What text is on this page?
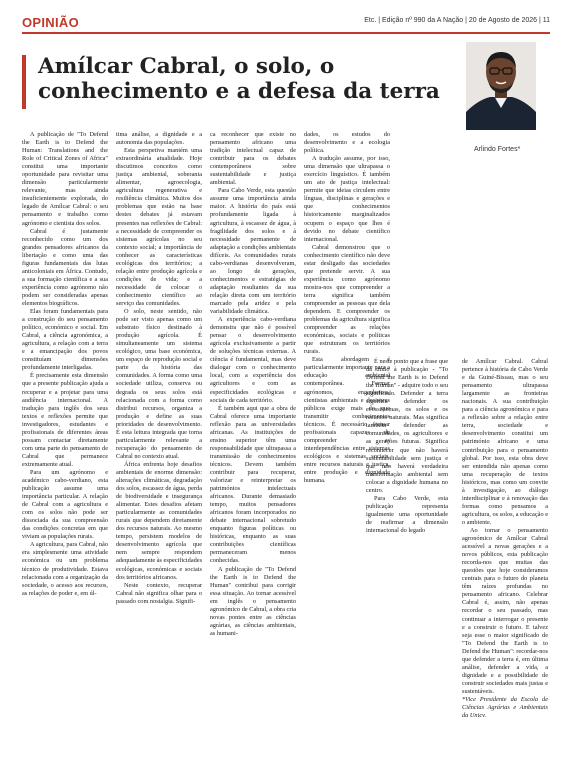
OPINIÃO	Etc. | Edição nº 990 da A Nação | 20 de Agosto de 2026 | 11
Amílcar Cabral, o solo, o conhecimento e a defesa da terra
Arlindo Fortes*

A publicação de "To Defend the Earth is to Defend the Human: Translations and the Role of Critical Zones of Africa" constitui uma importante oportunidade para revisitar uma dimensão particularmente relevante, mas ainda insuficientemente explorada, do legado de Amílcar Cabral: o seu pensamento e trabalho como agrónomo e cientista dos solos.

Cabral é justamente reconhecido como um dos grandes pensadores africanos da libertação e como uma das figuras fundamentais das lutas anticoloniais em África. Contudo, a sua formação científica e a sua experiência como agrónomo não podem ser consideradas apenas elementos biográficos.

Elas foram fundamentais para a construção do seu pensamento político, económico e social. Em Cabral, a ciência agronómica, a agricultura, a relação com a terra e a emancipação dos povos constituíam dimensões profundamente interligadas.

É precisamente esta dimensão que a presente publicação ajuda a recuperar e a projetar para uma audiência internacional. A tradução para inglês dos seus textos e reflexões permite que investigadores, estudantes e profissionais de diferentes áreas possam contactar diretamente com uma parte do pensamento de Cabral que permanece extremamente atual.

Para um agrónomo e académico cabo-verdiano, esta publicação assume uma importância particular. A relação de Cabral com a agricultura e com os solos não pode ser dissociada da sua compreensão das condições concretas em que viviam as populações rurais.

A agricultura, para Cabral, não era simplesmente uma atividade económica ou um problema técnico de produtividade. Estava relacionada com a organização da sociedade, o acesso aos recursos, as relações de poder e, em úl-

tima análise, a dignidade e a autonomia das populações.

Esta perspetiva mantém uma extraordinária atualidade. Hoje discutimos conceitos como justiça ambiental, soberania alimentar, agroecologia, agricultura regenerativa e resiliência climática. Muitos dos problemas que estão na base destes debates já estavam presentes nas reflexões de Cabral: a necessidade de compreender os sistemas agrícolas no seu contexto social; a importância de conhecer as características ecológicas dos territórios; a relação entre produção agrícola e condições de vida; e a necessidade de colocar o conhecimento científico ao serviço das comunidades.

O solo, neste sentido, não pode ser visto apenas como um substrato físico destinado à produção agrícola. É simultaneamente um sistema ecológico, uma base económica, um espaço de reprodução social e parte da história das comunidades. A forma como uma sociedade utiliza, conserva ou degrada os seus solos está relacionada com a forma como distribui recursos, organiza a produção e define as suas prioridades de desenvolvimento. É esta leitura integrada que torna particularmente relevante a recuperação do pensamento de Cabral no contexto atual.

África enfrenta hoje desafios ambientais de enorme dimensão: alterações climáticas, degradação dos solos, escassez de água, perda de biodiversidade e insegurança alimentar. Estes desafios afetam particularmente as comunidades rurais que dependem diretamente dos recursos naturais. Ao mesmo tempo, persistem modelos de desenvolvimento agrícola que nem sempre respondem adequadamente às especificidades ecológicas, económicas e sociais dos territórios africanos.

Neste contexto, recuperar Cabral não significa olhar para o passado com nostalgia. Signifi-

ca reconhecer que existe no pensamento africano uma tradição intelectual capaz de contribuir para os debates contemporâneos sobre sustentabilidade e justiça ambiental.

Para Cabo Verde, esta questão assume uma importância ainda maior. A história do país está profundamente ligada à agricultura, à escassez de água, à fragilidade dos solos e à necessidade permanente de adaptação a condições ambientais difíceis. As comunidades rurais cabo-verdianas desenvolveram, ao longo de gerações, conhecimentos e estratégias de adaptação resultantes da sua relação direta com um território marcado pela aridez e pela variabilidade climática.

A experiência cabo-verdiana demonstra que não é possível pensar o desenvolvimento agrícola exclusivamente a partir de soluções técnicas externas. A ciência é fundamental, mas deve dialogar com o conhecimento local, com a experiência dos agricultores e com as especificidades ecológicas e sociais de cada território.

É também aqui que a obra de Cabral oferece uma importante reflexão para as universidades africanas. As instituições de ensino superior têm uma responsabilidade que ultrapassa a transmissão de conhecimentos técnicos. Devem também contribuir para recuperar, valorizar e reinterpretar os patrimónios intelectuais africanos. Durante demasiado tempo, muitos pensadores africanos foram incorporados no debate internacional sobretudo enquanto figuras políticas ou históricas, enquanto as suas contribuições científicas permaneceram menos conhecidas.

A publicação de "To Defend the Earth is to Defend the Human" contribui para corrigir essa situação. Ao tornar acessível em inglês o pensamento agronómico de Cabral, a obra cria novas pontes entre as ciências agrárias, as ciências ambientais, as humani-

dades, os estudos do desenvolvimento e a ecologia política.

A tradução assume, por isso, uma dimensão que ultrapassa o exercício linguístico. É também um ato de justiça intelectual: permite que ideias circulem entre línguas, disciplinas e gerações e que conhecimentos historicamente marginalizados ocupem o espaço que lhes é devido no debate científico internacional.

Cabral demonstrou que o conhecimento científico não deve estar desligado das sociedades que pretende servir. A sua experiência como agrónomo mostra-nos que compreender a terra significa também compreender as pessoas que dela dependem. E compreender os problemas da agricultura significa compreender as relações económicas, sociais e políticas que estruturam os territórios rurais.

Esta abordagem é particularmente importante para a educação ambiental contemporânea. Formar agrónomos, engenheiros, cientistas ambientais e decisores públicos exige mais do que transmitir conhecimentos técnicos. É necessário formar profissionais capazes de compreender as interdependências entre sistemas ecológicos e sistemas sociais, entre recursos naturais e justiça, entre produção e dignidade humana.

É neste ponto que a frase que dá título à publicação - "To Defend the Earth is to Defend the Human" - adquire todo o seu significado. Defender a terra significa defender os ecossistemas, os solos e os recursos naturais. Mas significa também defender as comunidades, os agricultores e as gerações futuras. Significa reconhecer que não haverá sustentabilidade sem justiça e que não haverá verdadeira transformação ambiental sem colocar a dignidade humana no centro.

Para Cabo Verde, esta publicação representa igualmente uma oportunidade de reafirmar a dimensão internacional do legado

de Amílcar Cabral. Cabral pertence à história de Cabo Verde e da Guiné-Bissau, mas o seu pensamento ultrapassa largamente as fronteiras nacionais. A sua contribuição para a ciência agronómica e para a reflexão sobre a relação entre terra, sociedade e desenvolvimento constitui um património africano e uma contribuição para o pensamento global. Por isso, esta obra deve ser entendida não apenas como uma recuperação de textos históricos, mas como um convite à investigação, ao diálogo interdisciplinar e à renovação das formas como pensamos a agricultura, os solos, a educação e o ambiente.

Ao tornar o pensamento agronómico de Amílcar Cabral acessível a novas gerações e a novos públicos, esta publicação recorda-nos que muitas das questões que hoje consideramos centrais para o futuro do planeta têm raízes profundas no pensamento africano. Celebrar Cabral é, assim, não apenas recordar o seu passado, mas continuar a interrogar o presente e a construir o futuro. E talvez seja esse o maior significado de "To Defend the Earth is to Defend the Human": recordar-nos que defender a terra é, em última análise, defender a vida, a dignidade e a possibilidade de construir sociedades mais justas e sustentáveis.

*Vice Presidente da Escola de Ciências Agrárias e Ambientais da Unicv.
